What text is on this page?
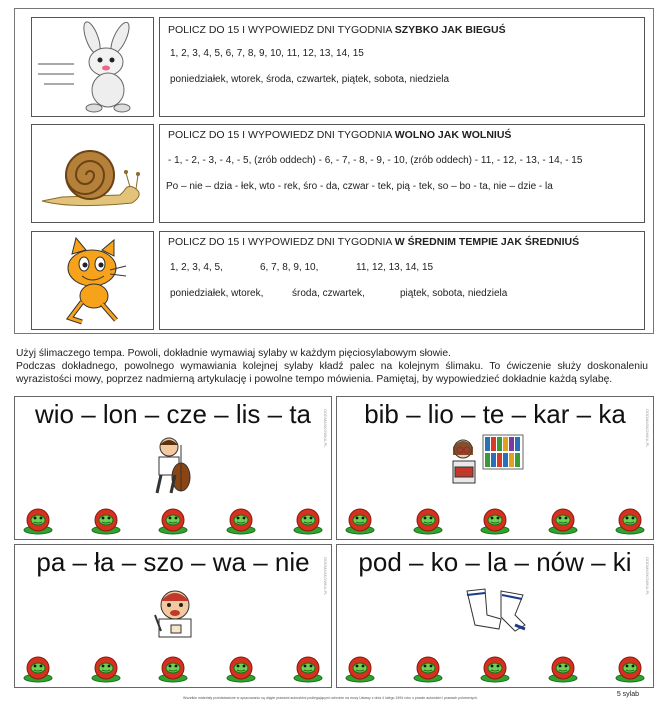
POLICZ DO 15 I WYPOWIEDZ DNI TYGODNIA SZYBKO JAK BIEGUŚ
1, 2, 3, 4, 5, 6, 7, 8, 9, 10, 11, 12, 13, 14, 15
poniedziałek, wtorek, środa, czwartek, piątek, sobota, niedziela
POLICZ DO 15 I WYPOWIEDZ DNI TYGODNIA WOLNO JAK WOLNIUŚ
- 1, - 2, - 3, - 4, - 5, (zrób oddech) - 6, - 7, - 8, - 9, - 10, (zrób oddech) - 11, - 12, - 13, - 14, - 15
Po – nie – dzia - łek, wto - rek, śro - da, czwar - tek, pią - tek, so – bo - ta, nie – dzie - la
POLICZ DO 15 I WYPOWIEDZ DNI TYGODNIA W ŚREDNIM TEMPIE JAK ŚREDNIUŚ
1, 2, 3, 4, 5,	6, 7, 8, 9, 10,	11, 12, 13, 14, 15
poniedziałek, wtorek,	środa, czwartek,	piątek, sobota, niedziela
Użyj ślimaczego tempa. Powoli, dokładnie wymawiaj sylaby w każdym pięciosylabowym słowie.
Podczas dokładnego, powolnego wymawiania kolejnej sylaby kładź palec na kolejnym ślimaku. To ćwiczenie służy doskonaleniu wyrazistości mowy, poprzez nadmierną artykulację i powolne tempo mówienia. Pamiętaj, by wypowiedzieć dokładnie każdą sylabę.
wio – lon – cze – lis – ta	ODDMASKOWKA.PL	bib – lio – te – kar – ka	ODDMASKOWKA.PL
pa – ła – szo – wa – nie	ODDMASKOWKA.PL	pod – ko – la – nów – ki	ODDMASKOWKA.PL
Wszelkie materiały przedstawione w opracowaniu są objęte prawami autorskimi podlegającymi ochronie na mocy Ustawy z dnia 4 lutego 1994 roku o prawie autorskim i prawach pokrewnych.	5 sylab
